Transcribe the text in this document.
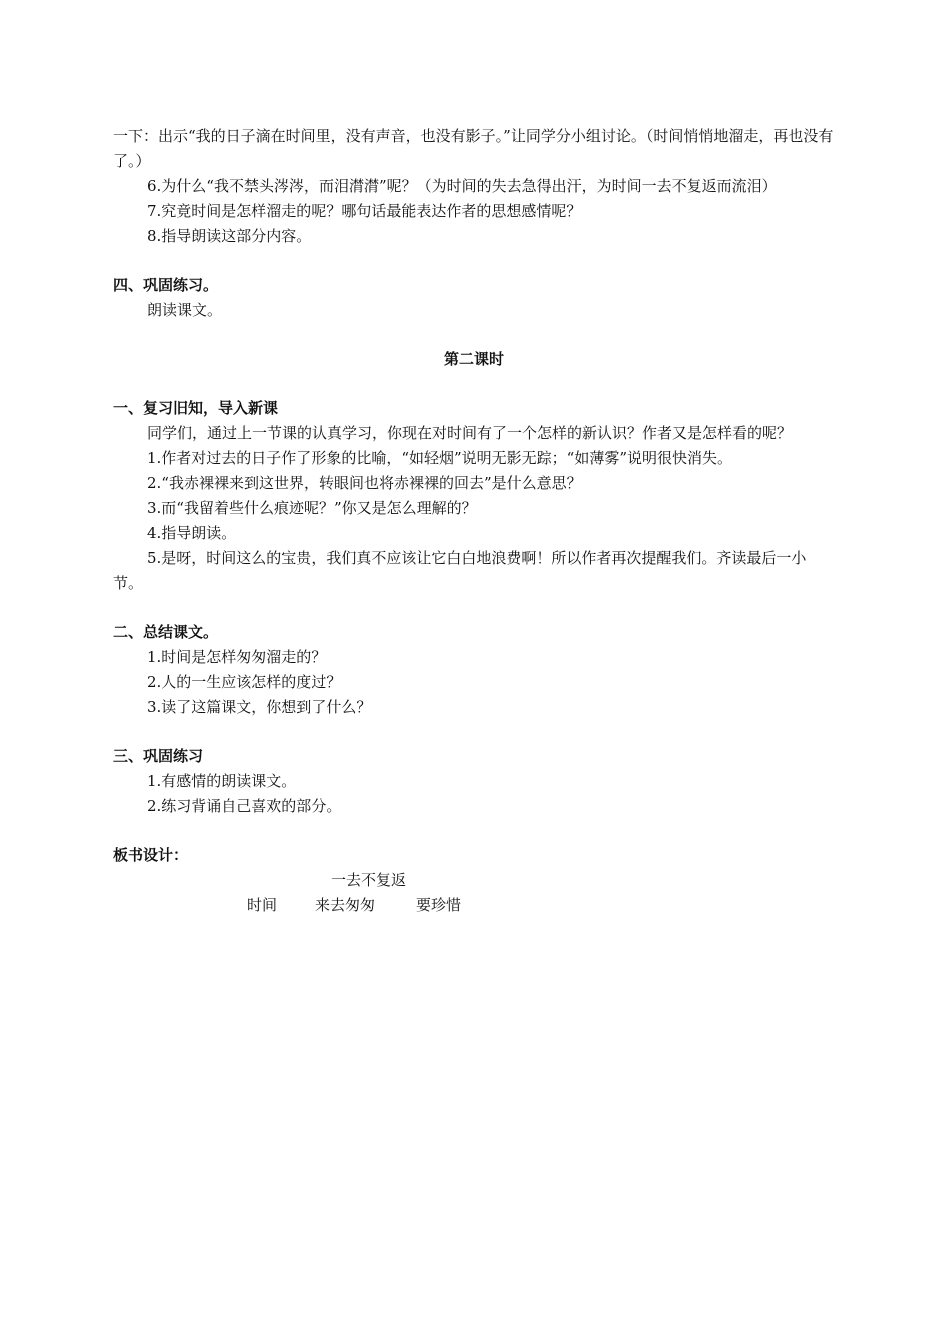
一下：出示“我的日子滴在时间里，没有声音，也没有影子。”让同学分小组讨论。（时间悄悄地溜走，再也没有了。）

6.为什么“我不禁头涔涔，而泪潸潸”呢？（为时间的失去急得出汗，为时间一去不复返而流泪）

7.究竟时间是怎样溜走的呢？哪句话最能表达作者的思想感情呢？

8.指导朗读这部分内容。

四、巩固练习。

朗读课文。

第二课时

一、复习旧知，导入新课

同学们，通过上一节课的认真学习，你现在对时间有了一个怎样的新认识？作者又是怎样看的呢？

1.作者对过去的日子作了形象的比喻，“如轻烟”说明无影无踪；“如薄雾”说明很快消失。

2.“我赤裸裸来到这世界，转眼间也将赤裸裸的回去”是什么意思？

3.而“我留着些什么痕迹呢？”你又是怎么理解的？

4.指导朗读。

5.是呀，时间这么的宝贵，我们真不应该让它白白地浪费啊！所以作者再次提醒我们。齐读最后一小节。

二、总结课文。

1.时间是怎样匆匆溜走的？

2.人的一生应该怎样的度过？

3.读了这篇课文，你想到了什么？

三、巩固练习

1.有感情的朗读课文。

2.练习背诵自己喜欢的部分。

板书设计：

一去不复返
时间	来去匆匆	要珍惜
